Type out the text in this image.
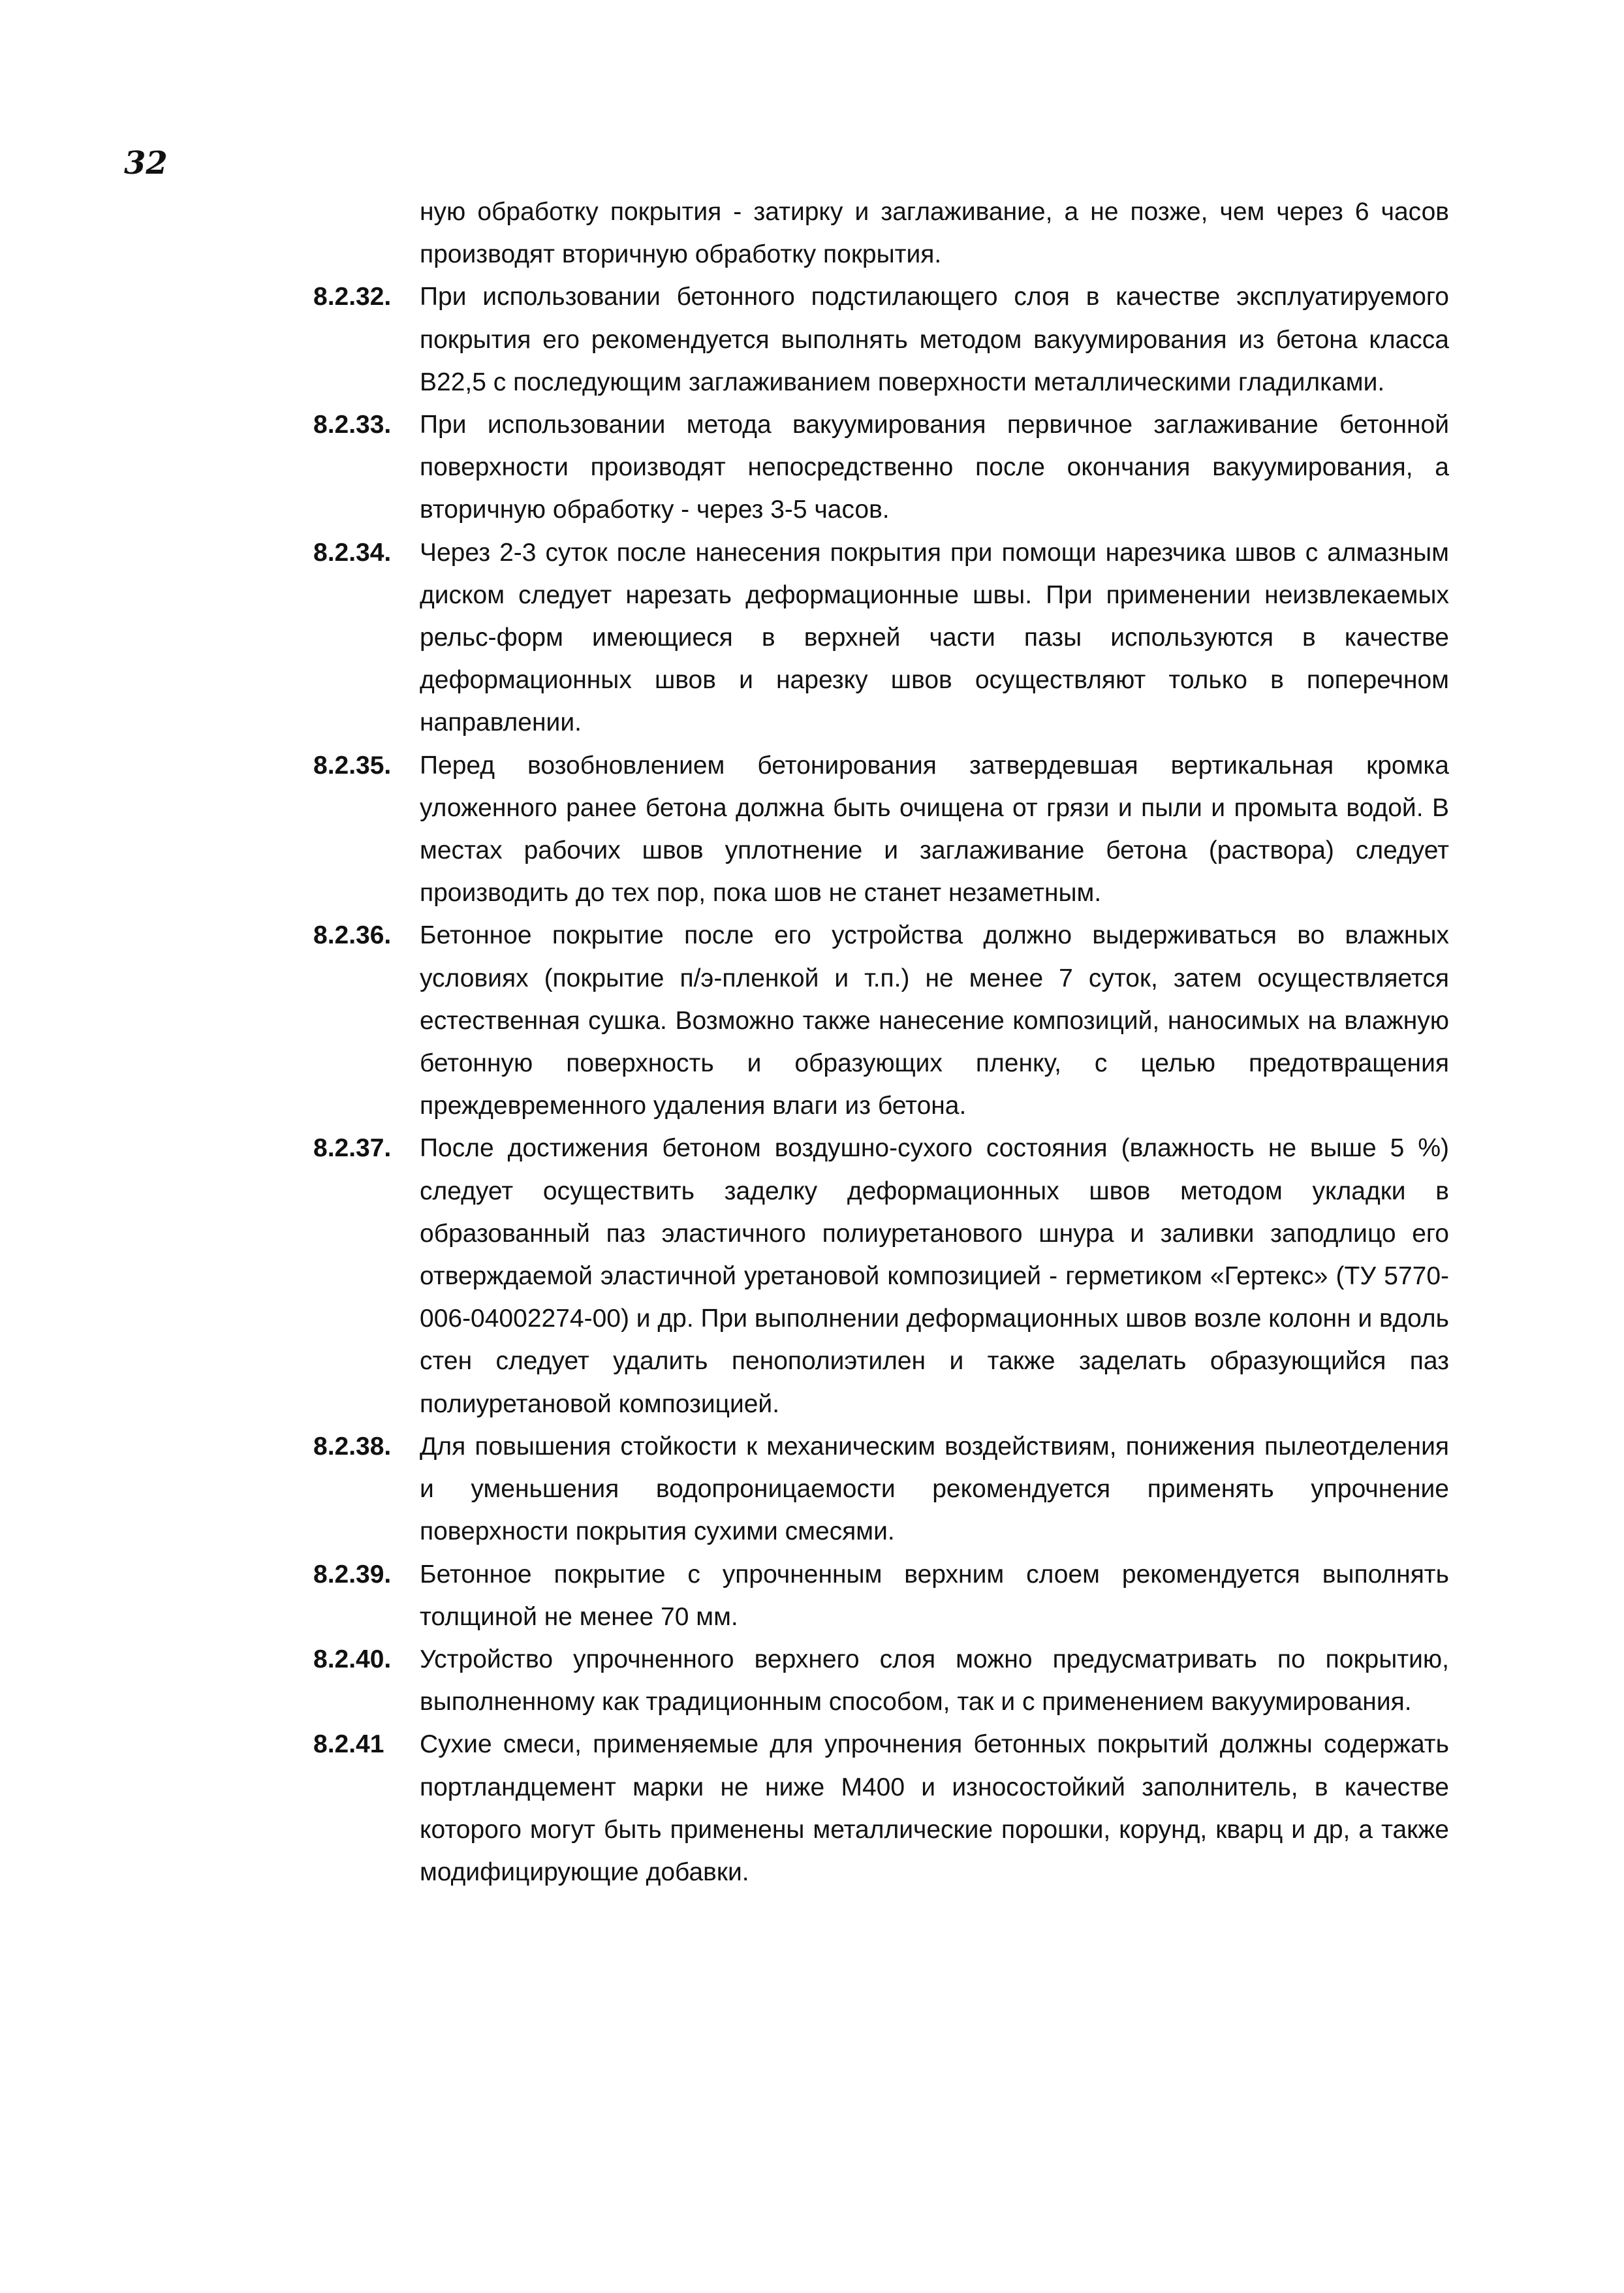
32

ную обработку покрытия - затирку и заглаживание, а не позже, чем через 6 часов производят вторичную обработку покрытия.

8.2.32.	При использовании бетонного подстилающего слоя в качестве эксплуатируемого покрытия его рекомендуется выполнять методом вакуумирования из бетона класса В22,5 с последующим заглаживанием поверхности металлическими гладилками.
8.2.33.	При использовании метода вакуумирования первичное заглаживание бетонной поверхности производят непосредственно после окончания вакуумирования, а вторичную обработку - через 3-5 часов.
8.2.34.	Через 2-3 суток после нанесения покрытия при помощи нарезчика швов с алмазным диском следует нарезать деформационные швы. При применении неизвлекаемых рельс-форм имеющиеся в верхней части пазы используются в качестве деформационных швов и нарезку швов осуществляют только в поперечном направлении.
8.2.35.	Перед возобновлением бетонирования затвердевшая вертикальная кромка уложенного ранее бетона должна быть очищена от грязи и пыли и промыта водой. В местах рабочих швов уплотнение и заглаживание бетона (раствора) следует производить до тех пор, пока шов не станет незаметным.
8.2.36.	Бетонное покрытие после его устройства должно выдерживаться во влажных условиях (покрытие п/э-пленкой и т.п.) не менее 7 суток, затем осуществляется естественная сушка. Возможно также нанесение композиций, наносимых на влажную бетонную поверхность и образующих пленку, с целью предотвращения преждевременного удаления влаги из бетона.
8.2.37.	После достижения бетоном воздушно-сухого состояния (влажность не выше 5 %) следует осуществить заделку деформационных швов методом укладки в образованный паз эластичного полиуретанового шнура и заливки заподлицо его отверждаемой эластичной уретановой композицией - герметиком «Гертекс» (ТУ 5770-006-04002274-00) и др. При выполнении деформационных швов возле колонн и вдоль стен следует удалить пенополиэтилен и также заделать образующийся паз полиуретановой композицией.
8.2.38.	Для повышения стойкости к механическим воздействиям, понижения пылеотделения и уменьшения водопроницаемости рекомендуется применять упрочнение поверхности покрытия сухими смесями.
8.2.39.	Бетонное покрытие с упрочненным верхним слоем рекомендуется выполнять толщиной не менее 70 мм.
8.2.40.	Устройство упрочненного верхнего слоя можно предусматривать по покрытию, выполненному как традиционным способом, так и с применением вакуумирования.
8.2.41	Сухие смеси, применяемые для упрочнения бетонных покрытий должны содержать портландцемент марки не ниже М400 и износостойкий заполнитель, в качестве которого могут быть применены металлические порошки, корунд, кварц и др, а также модифицирующие добавки.
